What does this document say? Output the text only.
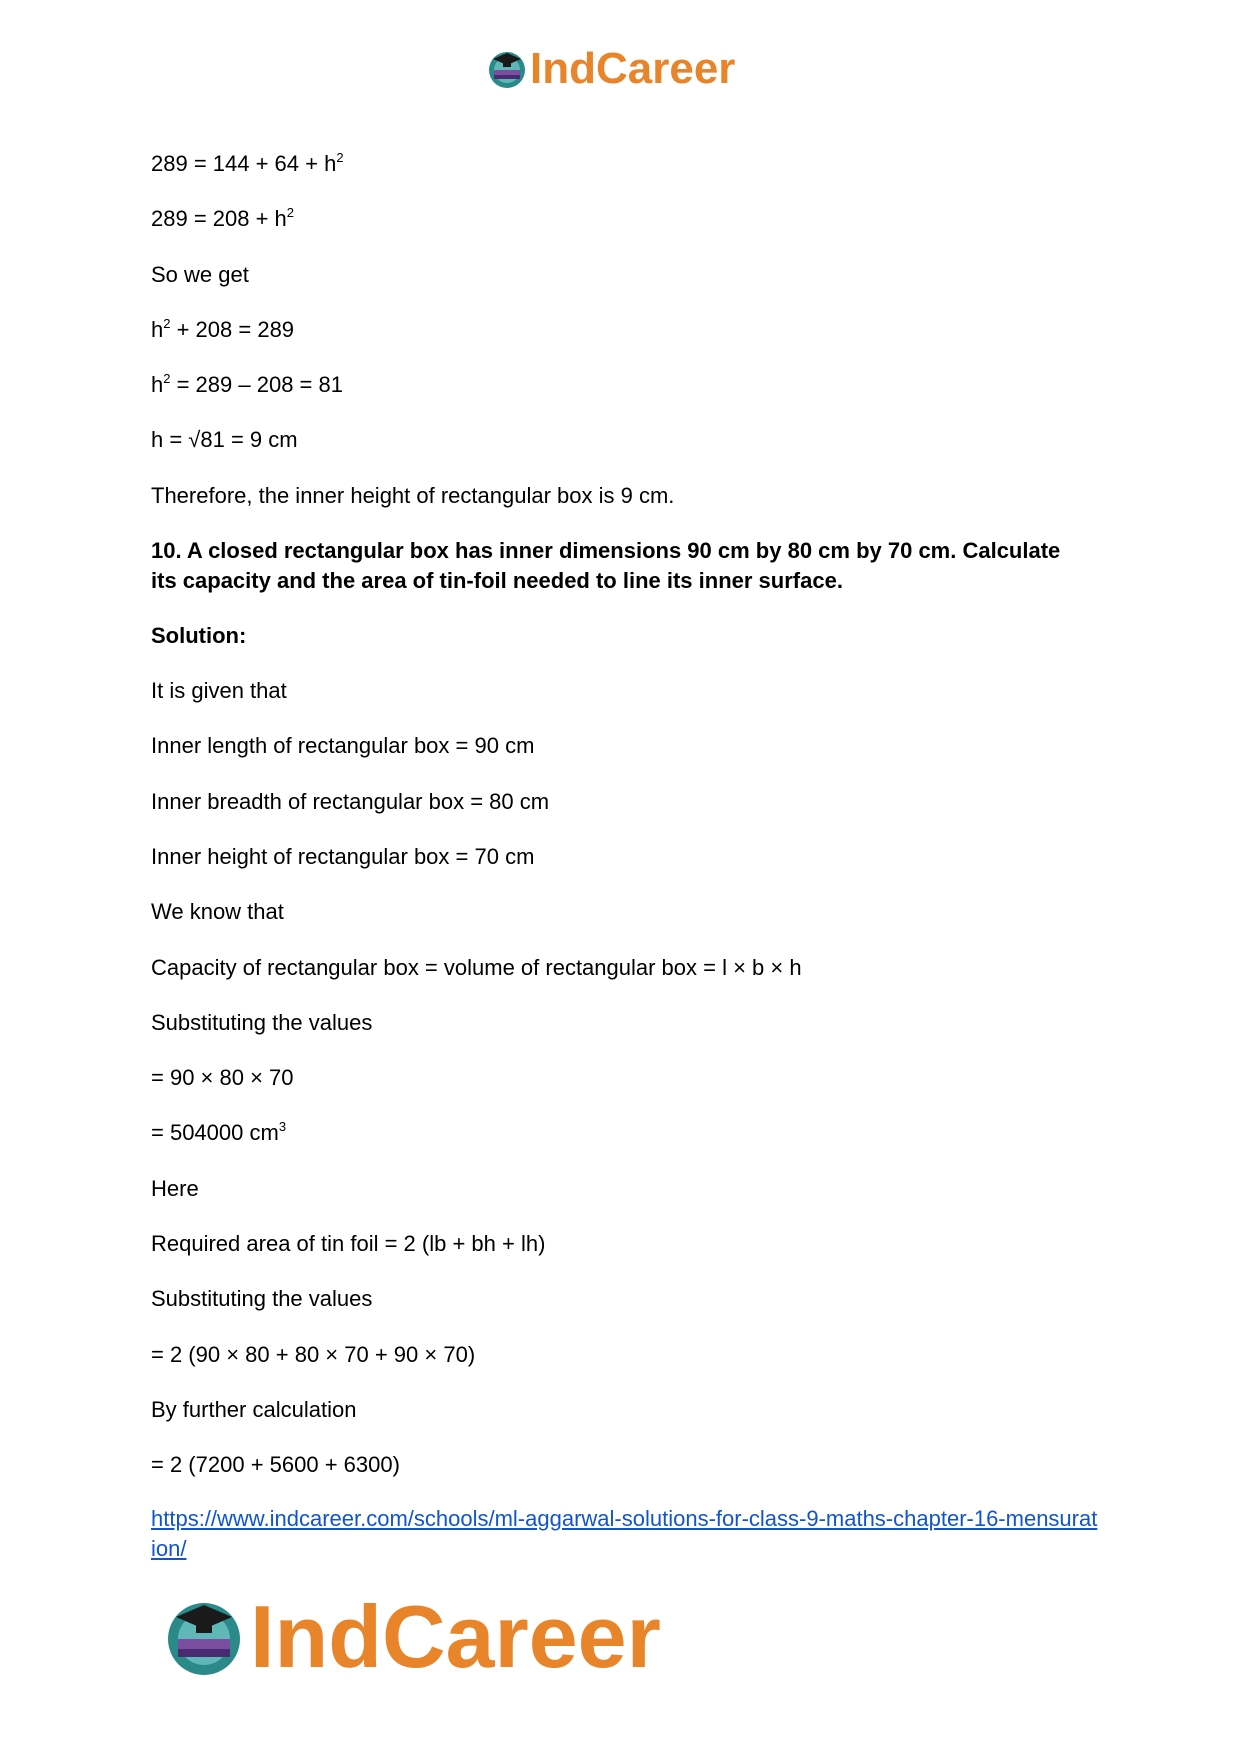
IndCareer
$289 = 144 + 64 + h^2$
$289 = 208 + h^2$
So we get
$h^2 + 208 = 289$
$h^2 = 289 - 208 = 81$
h = √81 = 9 cm
Therefore, the inner height of rectangular box is 9 cm.
10. A closed rectangular box has inner dimensions 90 cm by 80 cm by 70 cm. Calculate its capacity and the area of tin-foil needed to line its inner surface.
Solution:
It is given that
Inner length of rectangular box = 90 cm
Inner breadth of rectangular box = 80 cm
Inner height of rectangular box = 70 cm
We know that
Capacity of rectangular box = volume of rectangular box = l × b × h
Substituting the values
= 90 × 80 × 70
= 504000 $cm^3$
Here
Required area of tin foil = 2 (lb + bh + lh)
Substituting the values
= 2 (90 × 80 + 80 × 70 + 90 × 70)
By further calculation
= 2 (7200 + 5600 + 6300)
https://www.indcareer.com/schools/ml-aggarwal-solutions-for-class-9-maths-chapter-16-mensuration/
IndCareer
